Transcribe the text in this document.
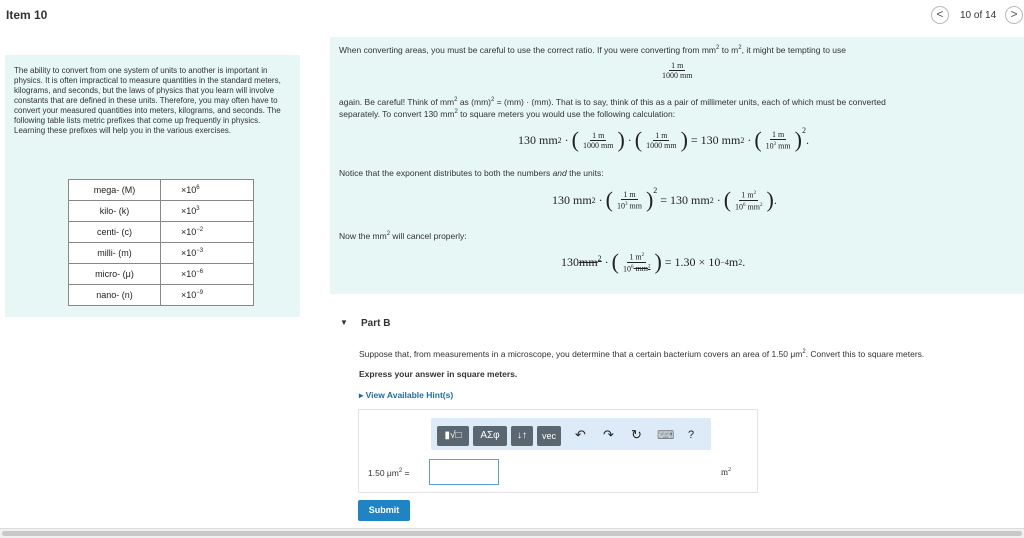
Item 10	<	10 of 14	>

The ability to convert from one system of units to another is important in physics. It is often impractical to measure quantities in the standard meters, kilograms, and seconds, but the laws of physics that you learn will involve constants that are defined in these units. Therefore, you may often have to convert your measured quantities into meters, kilograms, and seconds. The following table lists metric prefixes that come up frequently in physics. Learning these prefixes will help you in the various exercises.

mega- (M)	$\times 10^6$
kilo- (k)	$\times 10^3$
centi- (c)	$\times 10^{-2}$
milli- (m)	$\times 10^{-3}$
micro- (μ)	$\times 10^{-6}$
nano- (n)	$\times 10^{-9}$
When converting areas, you must be careful to use the correct ratio. If you were converting from $mm^2$ to $m^2$, it might be tempting to use
$\frac{1 m}{1000 mm}$
again. Be careful! Think of $mm^2$ as (mm)$^2$ = (mm) · (mm). That is to say, think of this as a pair of millimeter units, each of which must be converted
separately. To convert 130 $mm^2$ to square meters you would use the following calculation:
130 mm 2 · ( $\frac{1 m}{1000 mm}$ ) · ( $\frac{1 m}{1000 mm}$ )
= 130 mm 2 · ( $\frac{1 m}{10^3 mm} )^2$
.
Notice that the exponent distributes to both the numbers and the units:
130 mm 2 · ( $\frac{1 m}{10^3 mm} )^2$

= 130 mm 2 · ( $\frac{1 m^2}{10^6 mm^2}$ ) .
Now the $mm^2$ will cancel properly:
130 $mm^2$ · ( $\frac{1 m^2}{10^6 mm^2}$ )
= 1.30 × 10 −4 m 2 .
▼ Part B
Suppose that, from measurements in a microscope, you determine that a certain bacterium covers an area of 1.50 $\mu m^2$. Convert this to square meters.
Express your answer in square meters.
▸ View Available Hint(s)
▮√□	ΑΣφ	↓↑	vec	↶ ↷ ↻ ⌨ ?
1.50 $\mu m^2$ =	$m^2$
Submit
